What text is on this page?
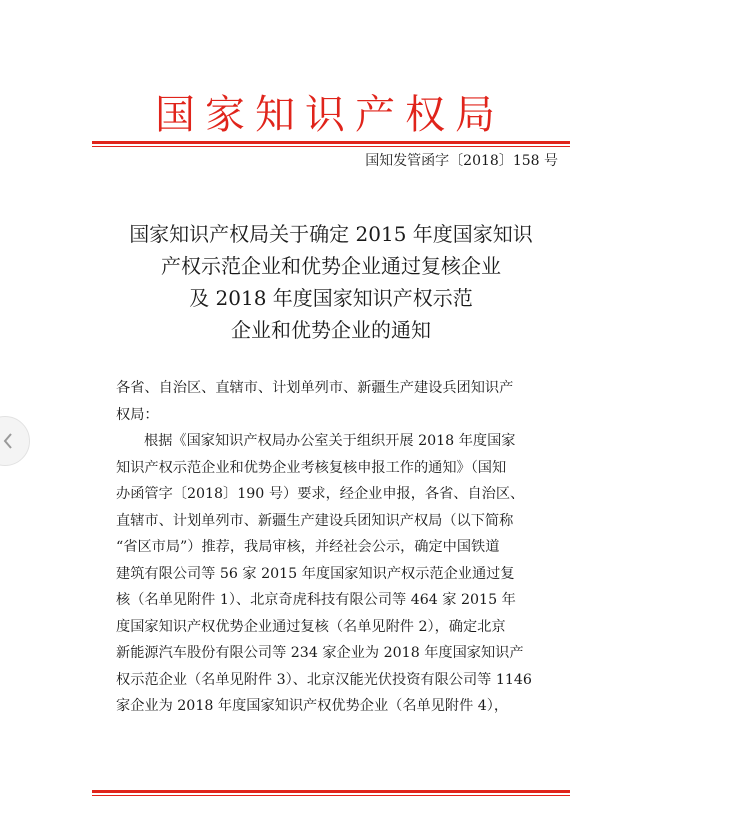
国家知识产权局
国知发管函字〔2018〕158 号
国家知识产权局关于确定 2015 年度国家知识
产权示范企业和优势企业通过复核企业
及 2018 年度国家知识产权示范
企业和优势企业的通知
各省、自治区、直辖市、计划单列市、新疆生产建设兵团知识产
权局：
根据《国家知识产权局办公室关于组织开展 2018 年度国家
知识产权示范企业和优势企业考核复核申报工作的通知》（国知
办函管字〔2018〕190 号）要求，经企业申报，各省、自治区、
直辖市、计划单列市、新疆生产建设兵团知识产权局（以下简称
“省区市局”）推荐，我局审核，并经社会公示，确定中国铁道
建筑有限公司等 56 家 2015 年度国家知识产权示范企业通过复
核（名单见附件 1）、北京奇虎科技有限公司等 464 家 2015 年
度国家知识产权优势企业通过复核（名单见附件 2），确定北京
新能源汽车股份有限公司等 234 家企业为 2018 年度国家知识产
权示范企业（名单见附件 3）、北京汉能光伏投资有限公司等 1146
家企业为 2018 年度国家知识产权优势企业（名单见附件 4），
